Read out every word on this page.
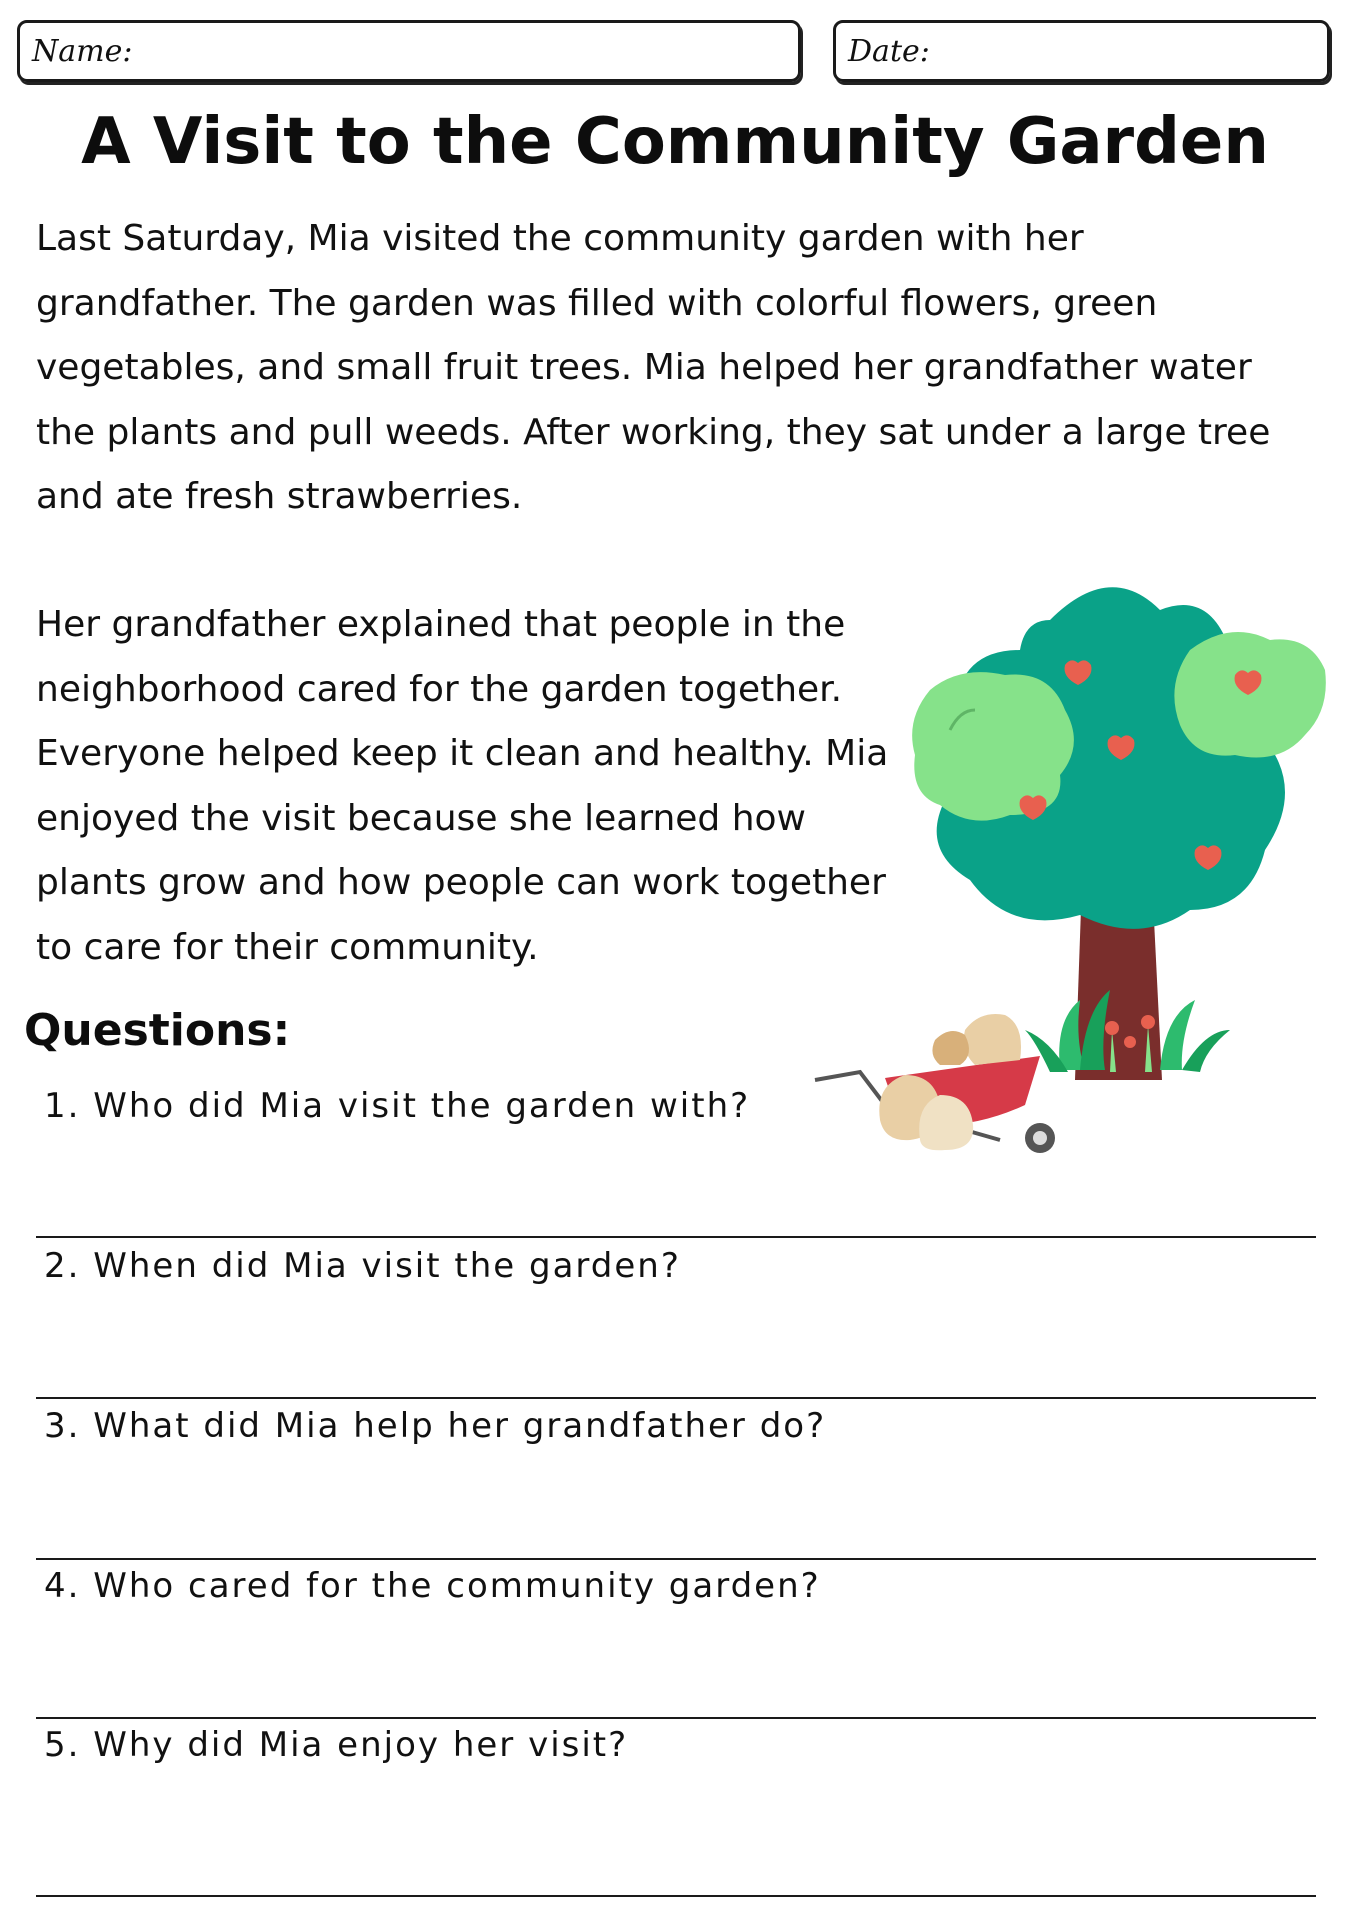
Name:	Date:
A Visit to the Community Garden

Last Saturday, Mia visited the community garden with her grandfather. The garden was filled with colorful flowers, green vegetables, and small fruit trees. Mia helped her grandfather water the plants and pull weeds. After working, they sat under a large tree and ate fresh strawberries.

Her grandfather explained that people in the neighborhood cared for the garden together. Everyone helped keep it clean and healthy. Mia enjoyed the visit because she learned how plants grow and how people can work together to care for their community.

Questions:
1. Who did Mia visit the garden with?
2. When did Mia visit the garden?
3. What did Mia help her grandfather do?
4. Who cared for the community garden?
5. Why did Mia enjoy her visit?
